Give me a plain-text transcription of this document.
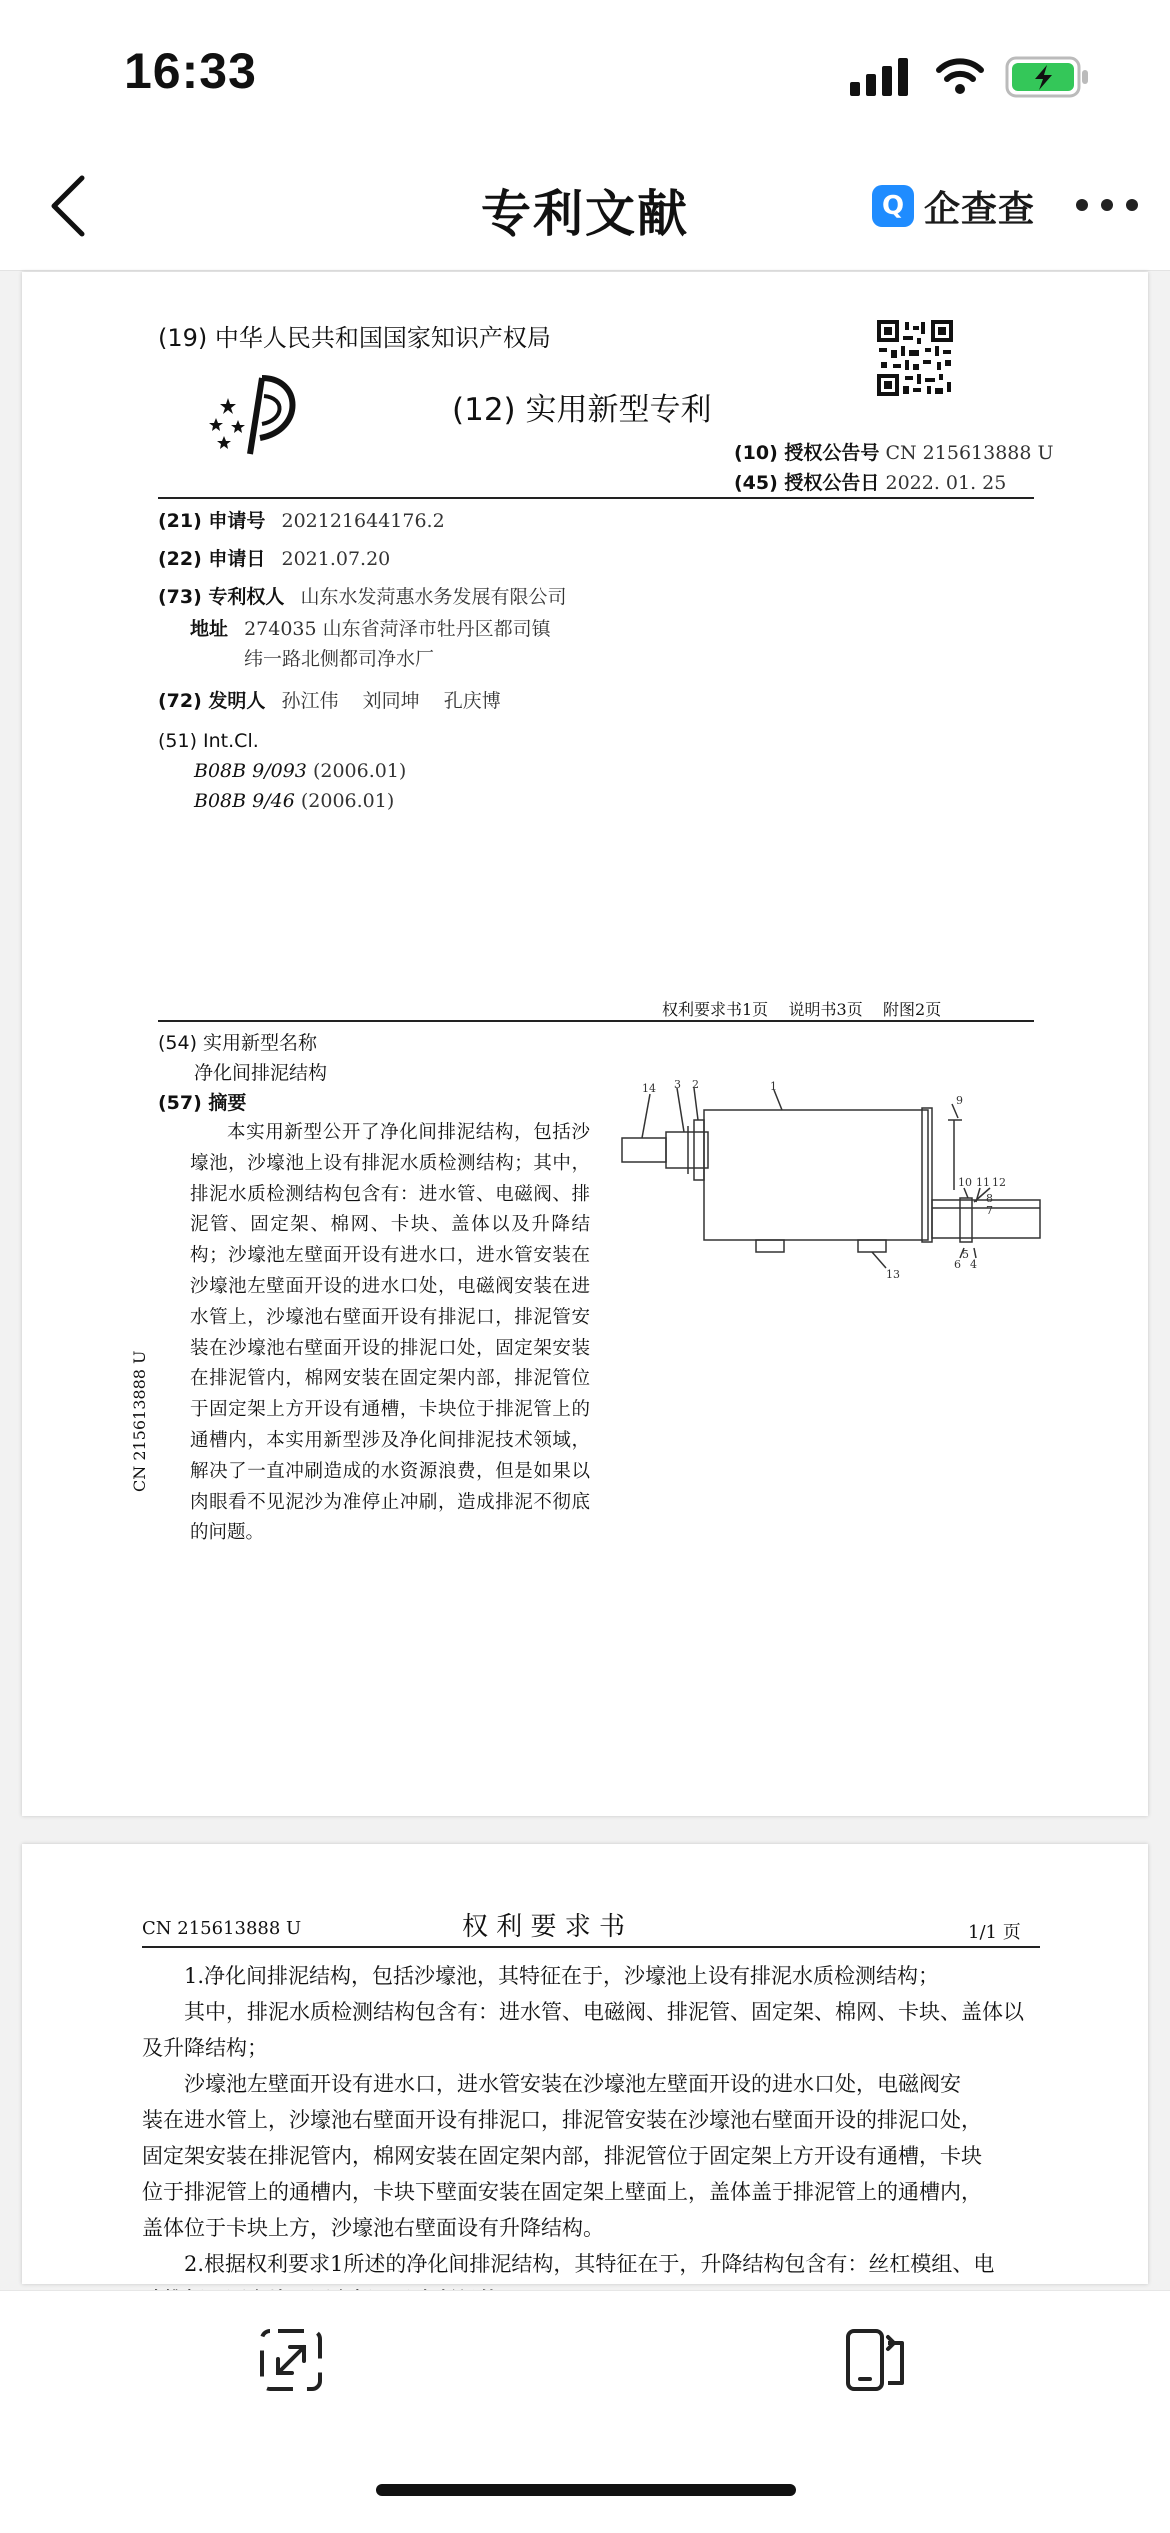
16:33
专利文献	Q 企查查
(19) 中华人民共和国国家知识产权局
(12) 实用新型专利
(10) 授权公告号 CN 215613888 U
(45) 授权公告日 2022. 01. 25
(21) 申请号 202121644176.2
(22) 申请日 2021.07.20
(73) 专利权人 山东水发菏惠水务发展有限公司
地址 274035 山东省菏泽市牡丹区都司镇
纬一路北侧都司净水厂
(72) 发明人 孙江伟    刘同坤    孔庆博
(51) Int.Cl.
B08B 9/093 (2006.01)
B08B 9/46 (2006.01)
权利要求书1页    说明书3页    附图2页
(54) 实用新型名称
净化间排泥结构
(57) 摘要
本实用新型公开了净化间排泥结构，包括沙壕池，沙壕池上设有排泥水质检测结构；其中，排泥水质检测结构包含有：进水管、电磁阀、排泥管、固定架、棉网、卡块、盖体以及升降结构；沙壕池左壁面开设有进水口，进水管安装在沙壕池左壁面开设的进水口处，电磁阀安装在进水管上，沙壕池右壁面开设有排泥口，排泥管安装在沙壕池右壁面开设的排泥口处，固定架安装在排泥管内，棉网安装在固定架内部，排泥管位于固定架上方开设有通槽，卡块位于排泥管上的通槽内，本实用新型涉及净化间排泥技术领域，解决了一直冲刷造成的水资源浪费，但是如果以肉眼看不见泥沙为准停止冲刷，造成排泥不彻底的问题。
14 3 2	1
9
10 11 12
8
7
6 4
5
13
CN 215613888 U
CN 215613888 U	权 利 要 求 书	1/1 页
1.净化间排泥结构，包括沙壕池，其特征在于，沙壕池上设有排泥水质检测结构；
其中，排泥水质检测结构包含有：进水管、电磁阀、排泥管、固定架、棉网、卡块、盖体以
及升降结构；
沙壕池左壁面开设有进水口，进水管安装在沙壕池左壁面开设的进水口处，电磁阀安
装在进水管上，沙壕池右壁面开设有排泥口，排泥管安装在沙壕池右壁面开设的排泥口处，
固定架安装在排泥管内，棉网安装在固定架内部，排泥管位于固定架上方开设有通槽，卡块
位于排泥管上的通槽内，卡块下壁面安装在固定架上壁面上，盖体盖于排泥管上的通槽内，
盖体位于卡块上方，沙壕池右壁面设有升降结构。
2.根据权利要求1所述的净化间排泥结构，其特征在于，升降结构包含有：丝杠模组、电
